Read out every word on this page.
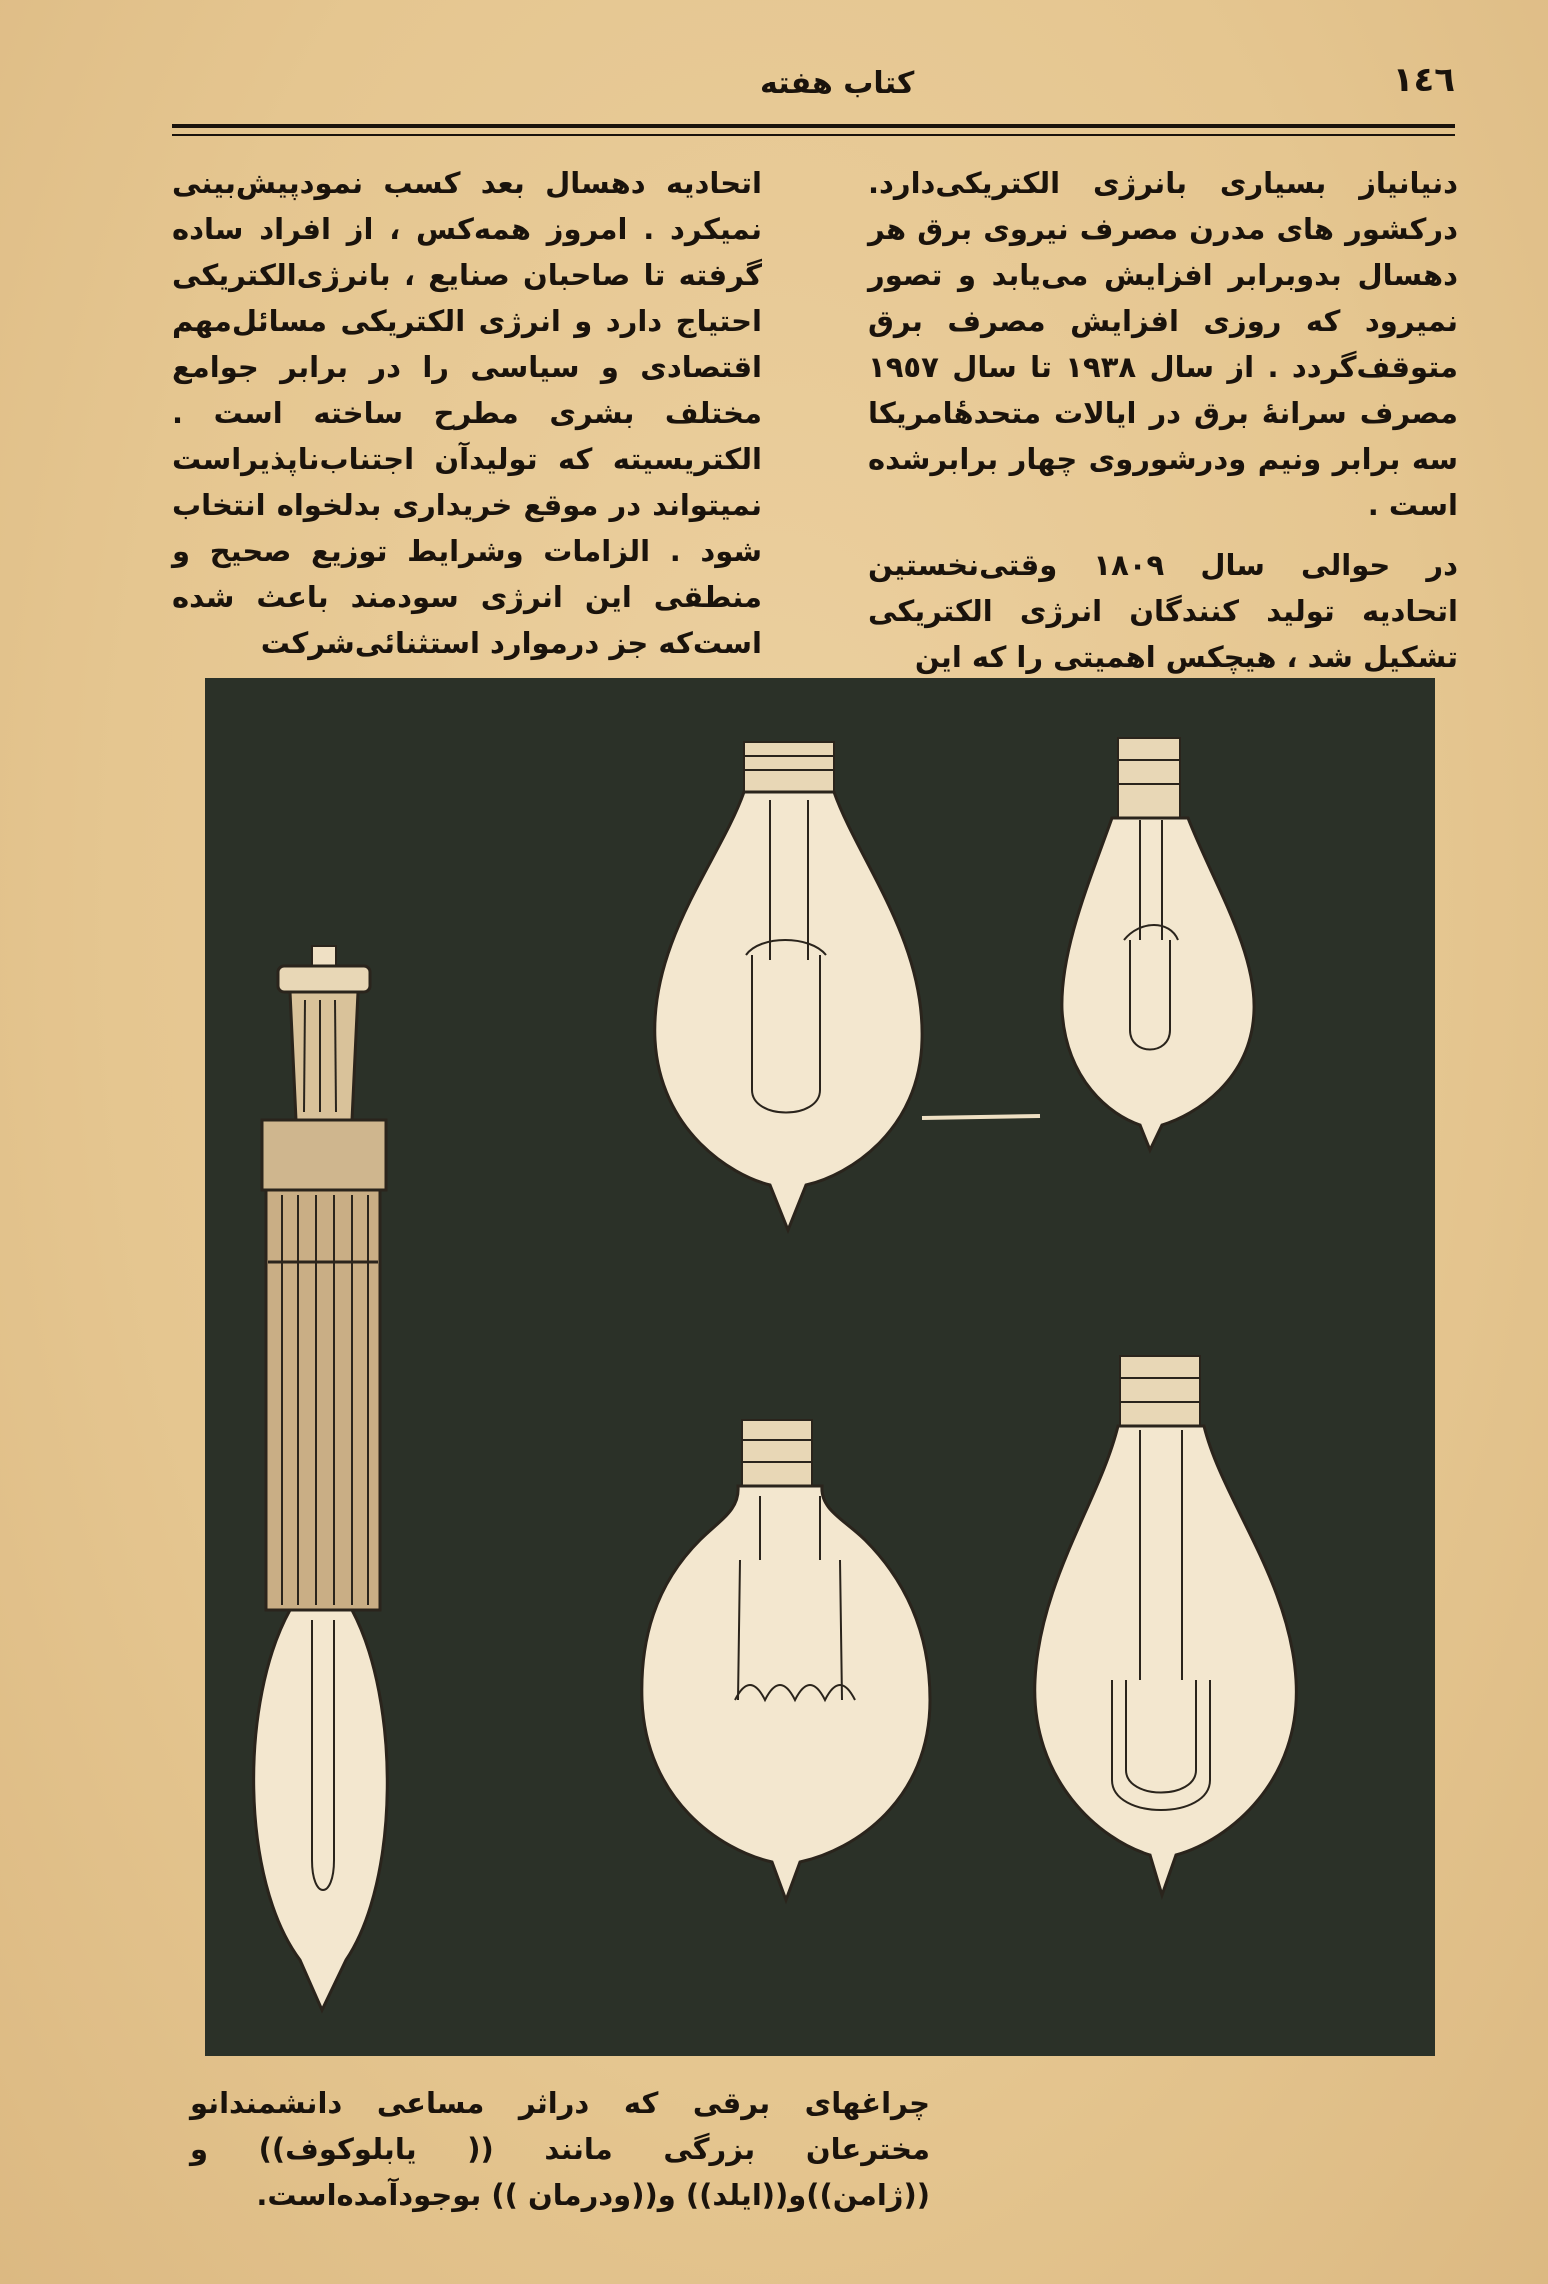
١٤٦
كتاب هفته

دنیانیاز بسیاری بانرژی الکتریکی‌دارد. درکشور های مدرن مصرف نیروی برق هر دهسال بدوبرابر افزایش می‌یابد و تصور نمیرود که روزی افزایش مصرف برق متوقف‌گردد . از سال ١٩٣٨ تا سال ١٩٥٧ مصرف سرانهٔ برق در ایالات متحدهٔامریکا سه برابر ونیم ودرشوروی چهار برابرشده است .

در حوالی سال ١٨٠٩ وقتی‌نخستین اتحادیه تولید کنندگان انرژی الکتریکی تشکیل شد ، هیچکس اهمیتی را که این

اتحادیه دهسال بعد کسب نمودپیش‌بینی نمیکرد . امروز همه‌کس ، از افراد ساده گرفته تا صاحبان صنایع ، بانرژی‌الکتریکی احتیاج دارد و انرژی الکتریکی مسائل‌مهم اقتصادی و سیاسی را در برابر جوامع مختلف بشری مطرح ساخته است . الکتریسیته که تولیدآن اجتناب‌ناپذیراست نمیتواند در موقع خریداری بدلخواه انتخاب شود . الزامات وشرایط توزیع صحیح و منطقی این انرژی سودمند باعث شده است‌که جز درموارد استثنائی‌شرکت

چراغهای برقی که دراثر مساعی دانشمندانو مخترعان بزرگی مانند (( یابلوکوف)) و ((ژامن))و((ایلد)) و((ودرمان )) بوجودآمده‌است.
